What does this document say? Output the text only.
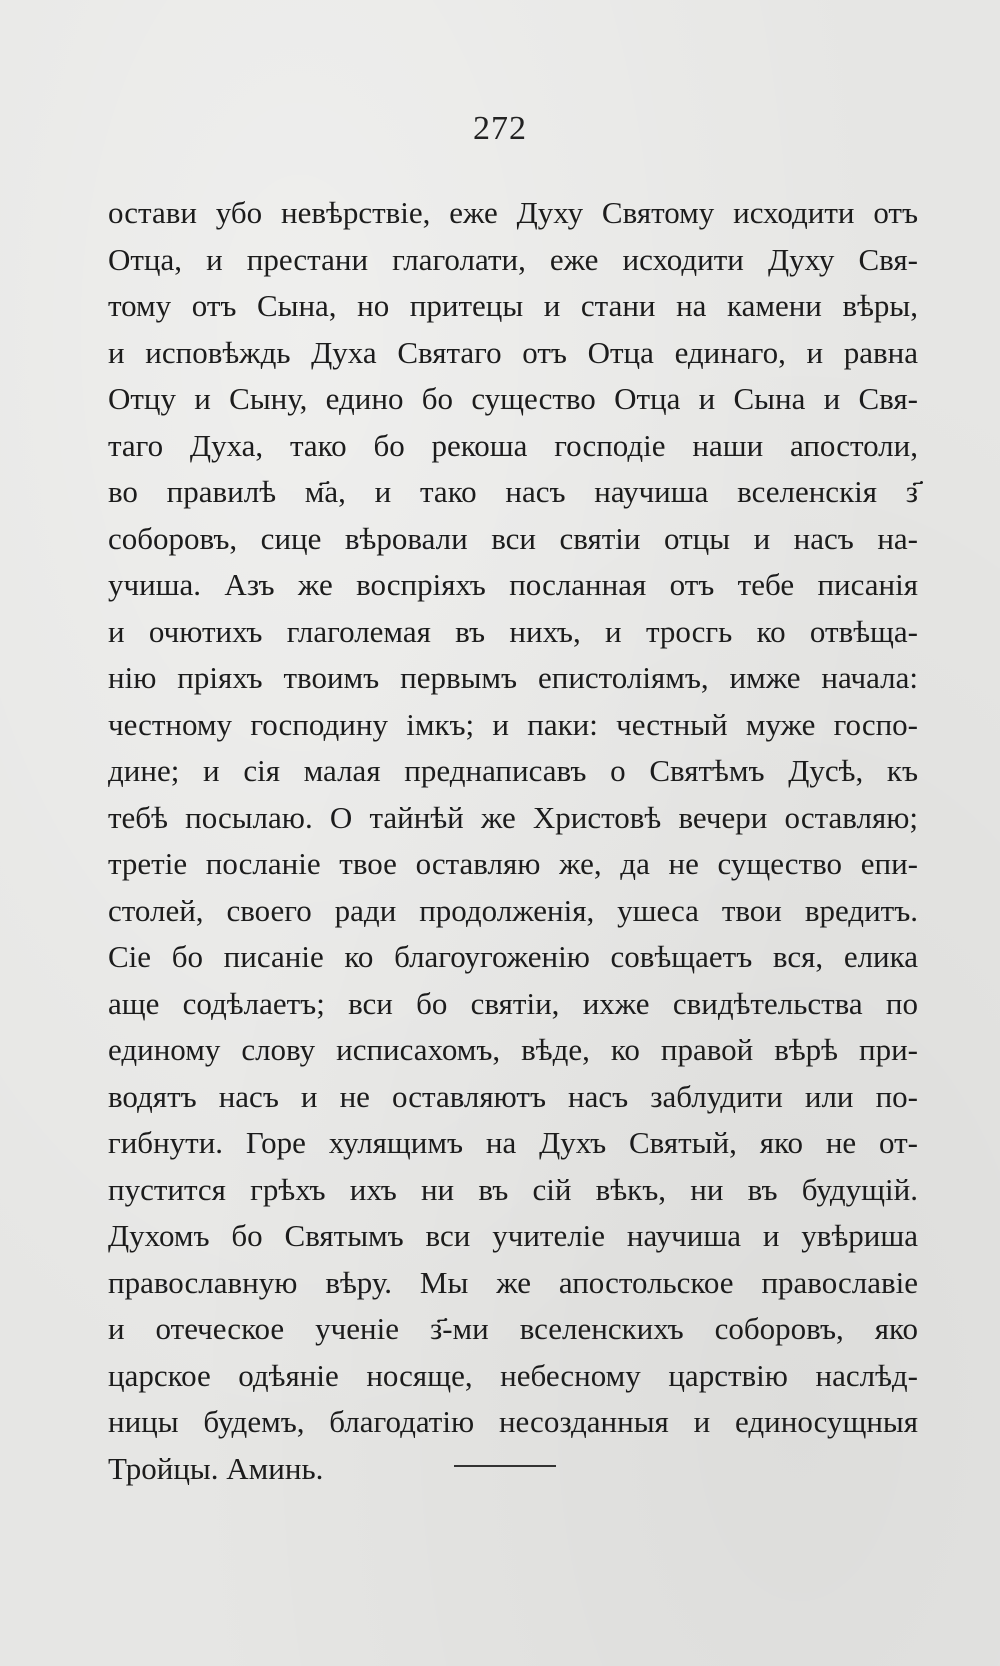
272
остави убо невѣрствіе, еже Духу Святому исходити отъ
Отца, и престани глаголати, еже исходити Духу Свя-
тому отъ Сына, но притецы и стани на камени вѣры,
и исповѣждь Духа Святаго отъ Отца единаго, и равна
Отцу и Сыну, едино бо существо Отца и Сына и Свя-
таго Духа, тако бо рекоша господіе наши апостоли,
во правилѣ м҃а, и тако насъ научиша вселенскія з҃
соборовъ, сице вѣровали вси святіи отцы и насъ на-
учиша. Азъ же воспріяхъ посланная отъ тебе писанія
и очютихъ глаголемая въ нихъ, и тросгь ко отвѣща-
нію пріяхъ твоимъ первымъ епистоліямъ, имже начала:
честному господину імкъ; и паки: честный муже госпо-
дине; и сія малая преднаписавъ о Святѣмъ Дусѣ, къ
тебѣ посылаю. О тайнѣй же Христовѣ вечери оставляю;
третіе посланіе твое оставляю же, да не существо епи-
столей, своего ради продолженія, ушеса твои вредитъ.
Сіе бо писаніе ко благоугоженію совѣщаетъ вся, елика
аще содѣлаетъ; вси бо святіи, ихже свидѣтельства по
единому слову исписахомъ, вѣде, ко правой вѣрѣ при-
водятъ насъ и не оставляютъ насъ заблудити или по-
гибнути. Горе хулящимъ на Духъ Святый, яко не от-
пустится грѣхъ ихъ ни въ сій вѣкъ, ни въ будущій.
Духомъ бо Святымъ вси учителіе научиша и увѣриша
православную вѣру. Мы же апостольское православіе
и отеческое ученіе з҃-ми вселенскихъ соборовъ, яко
царское одѣяніе носяще, небесному царствію наслѣд-
ницы будемъ, благодатію несозданныя и единосущныя
Тройцы. Аминь.
